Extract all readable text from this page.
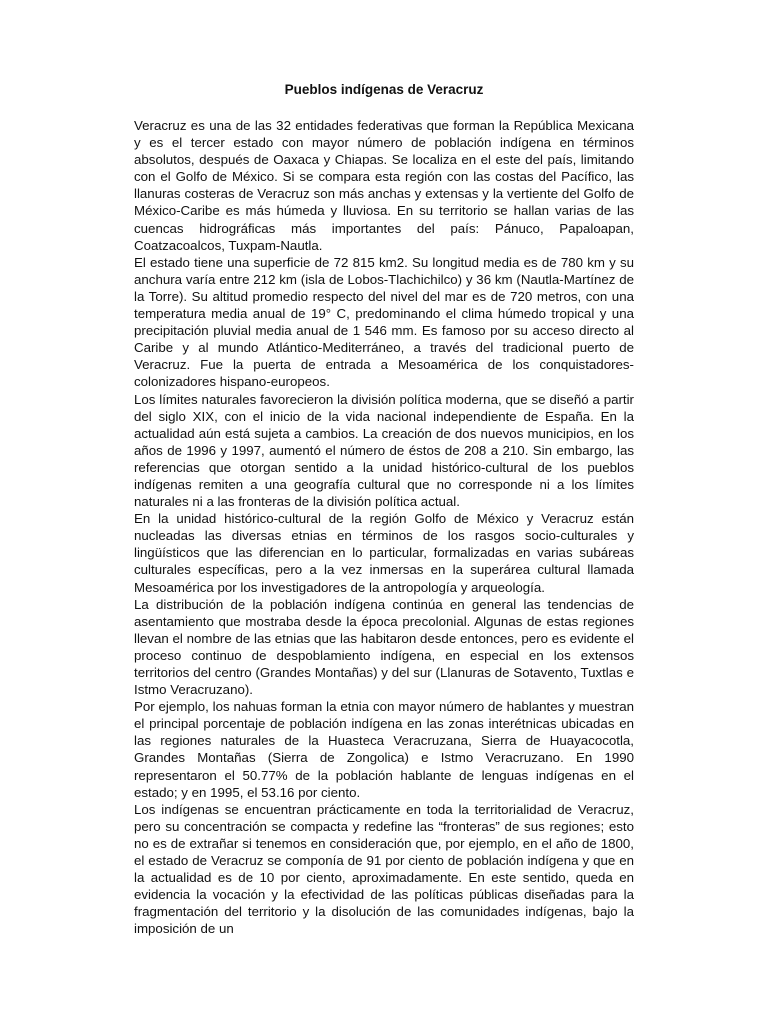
Pueblos indígenas de Veracruz

Veracruz es una de las 32 entidades federativas que forman la República Mexicana y es el tercer estado con mayor número de población indígena en términos absolutos, después de Oaxaca y Chiapas. Se localiza en el este del país, limitando con el Golfo de México. Si se compara esta región con las costas del Pacífico, las llanuras costeras de Veracruz son más anchas y extensas y la vertiente del Golfo de México-Caribe es más húmeda y lluviosa. En su territorio se hallan varias de las cuencas hidrográficas más importantes del país: Pánuco, Papaloapan, Coatzacoalcos, Tuxpam-Nautla.

El estado tiene una superficie de 72 815 km2. Su longitud media es de 780 km y su anchura varía entre 212 km (isla de Lobos-Tlachichilco) y 36 km (Nautla-Martínez de la Torre). Su altitud promedio respecto del nivel del mar es de 720 metros, con una temperatura media anual de 19° C, predominando el clima húmedo tropical y una precipitación pluvial media anual de 1 546 mm. Es famoso por su acceso directo al Caribe y al mundo Atlántico-Mediterráneo, a través del tradicional puerto de Veracruz. Fue la puerta de entrada a Mesoamérica de los conquistadores-colonizadores hispano-europeos.

Los límites naturales favorecieron la división política moderna, que se diseñó a partir del siglo XIX, con el inicio de la vida nacional independiente de España. En la actualidad aún está sujeta a cambios. La creación de dos nuevos municipios, en los años de 1996 y 1997, aumentó el número de éstos de 208 a 210. Sin embargo, las referencias que otorgan sentido a la unidad histórico-cultural de los pueblos indígenas remiten a una geografía cultural que no corresponde ni a los límites naturales ni a las fronteras de la división política actual.

En la unidad histórico-cultural de la región Golfo de México y Veracruz están nucleadas las diversas etnias en términos de los rasgos socio-culturales y lingüísticos que las diferencian en lo particular, formalizadas en varias subáreas culturales específicas, pero a la vez inmersas en la superárea cultural llamada Mesoamérica por los investigadores de la antropología y arqueología.

La distribución de la población indígena continúa en general las tendencias de asentamiento que mostraba desde la época precolonial. Algunas de estas regiones llevan el nombre de las etnias que las habitaron desde entonces, pero es evidente el proceso continuo de despoblamiento indígena, en especial en los extensos territorios del centro (Grandes Montañas) y del sur (Llanuras de Sotavento, Tuxtlas e Istmo Veracruzano).

Por ejemplo, los nahuas forman la etnia con mayor número de hablantes y muestran el principal porcentaje de población indígena en las zonas interétnicas ubicadas en las regiones naturales de la Huasteca Veracruzana, Sierra de Huayacocotla, Grandes Montañas (Sierra de Zongolica) e Istmo Veracruzano. En 1990 representaron el 50.77% de la población hablante de lenguas indígenas en el estado; y en 1995, el 53.16 por ciento.

Los indígenas se encuentran prácticamente en toda la territorialidad de Veracruz, pero su concentración se compacta y redefine las “fronteras” de sus regiones; esto no es de extrañar si tenemos en consideración que, por ejemplo, en el año de 1800, el estado de Veracruz se componía de 91 por ciento de población indígena y que en la actualidad es de 10 por ciento, aproximadamente. En este sentido, queda en evidencia la vocación y la efectividad de las políticas públicas diseñadas para la fragmentación del territorio y la disolución de las comunidades indígenas, bajo la imposición de un
